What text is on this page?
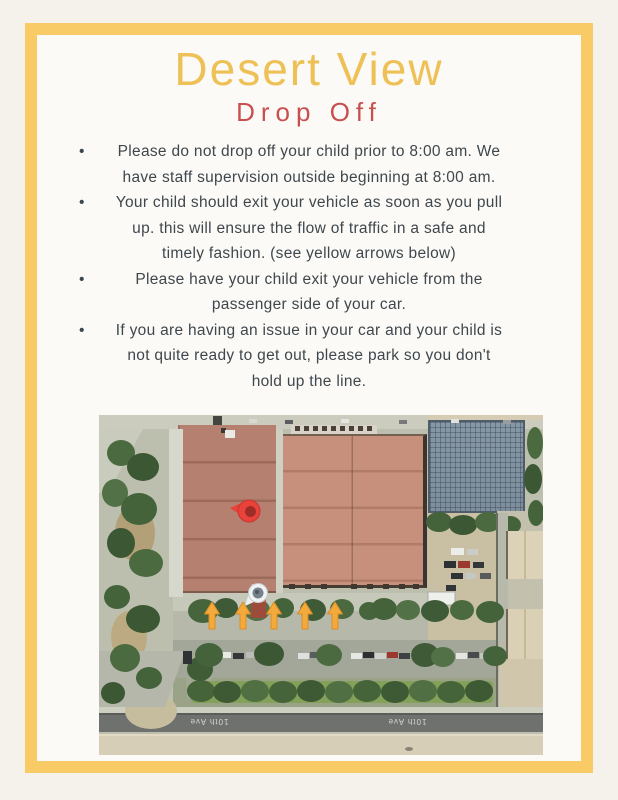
Desert View
Drop Off
• Please do not drop off your child prior to 8:00 am. We
have staff supervision outside beginning at 8:00 am.
• Your child should exit your vehicle as soon as you pull
up. this will ensure the flow of traffic in a safe and
timely fashion. (see yellow arrows below)
• Please have your child exit your vehicle from the
passenger side of your car.
• If you are having an issue in your car and your child is
not quite ready to get out, please park so you don't
hold up the line.
10th Ave	10th Ave
